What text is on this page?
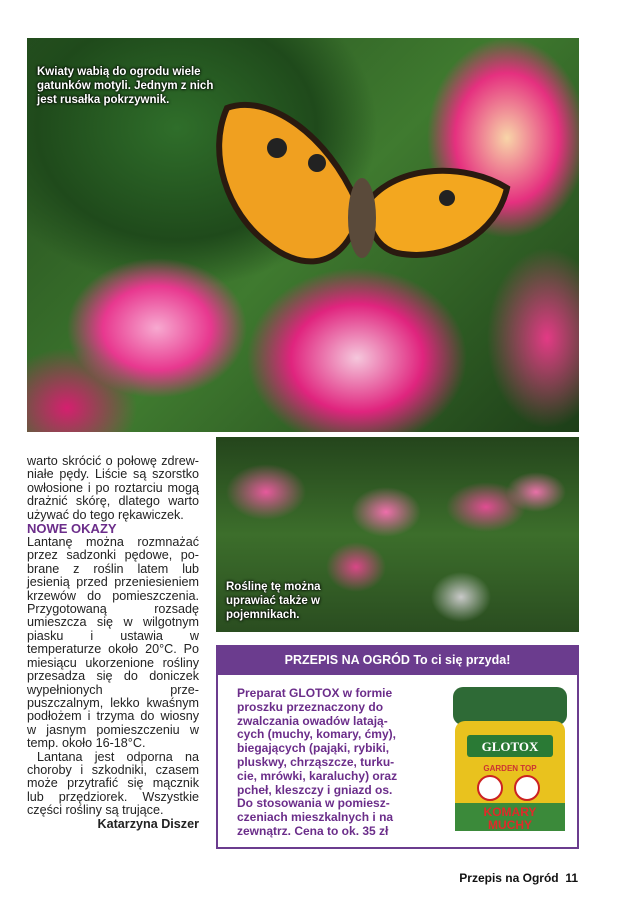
Kwiaty wabią do ogrodu wiele gatunków motyli. Jednym z nich jest rusałka pokrzywnik.
Roślinę tę można uprawiać także w pojemnikach.

warto skrócić o połowę zdrewniałe pędy. Liście są szorstko owłosione i po roztarciu mogą drażnić skórę, dlatego warto używać do tego rękawiczek.

NOWE OKAZY

Lantanę można rozmnażać przez sadzonki pędowe, pobrane z roślin latem lub jesienią przed przeniesieniem krzewów do pomieszczenia. Przygotowaną rozsadę umieszcza się w wilgotnym piasku i ustawia w temperaturze około 20°C. Po miesiącu ukorzenione rośliny przesadza się do doniczek wypełnionych przepuszczalnym, lekko kwaśnym podłożem i trzyma do wiosny w jasnym pomieszczeniu w temp. około 16-18°C.

Lantana jest odporna na choroby i szkodniki, czasem może przytrafić się mącznik lub przędziorek. Wszystkie części rośliny są trujące.

Katarzyna Diszer

PRZEPIS NA OGRÓD To ci się przyda!
Preparat GLOTOX w formie proszku przeznaczony do zwalczania owadów latających (muchy, komary, ćmy), biegających (pająki, rybiki, pluskwy, chrząszcze, turkucie, mrówki, karaluchy) oraz pcheł, kleszczy i gniazd os. Do stosowania w pomieszczeniach mieszkalnych i na zewnątrz. Cena to ok. 35 zł
GLOTOX
GARDEN TOP
KOMARY
MUCHY
Przepis na Ogród 11
